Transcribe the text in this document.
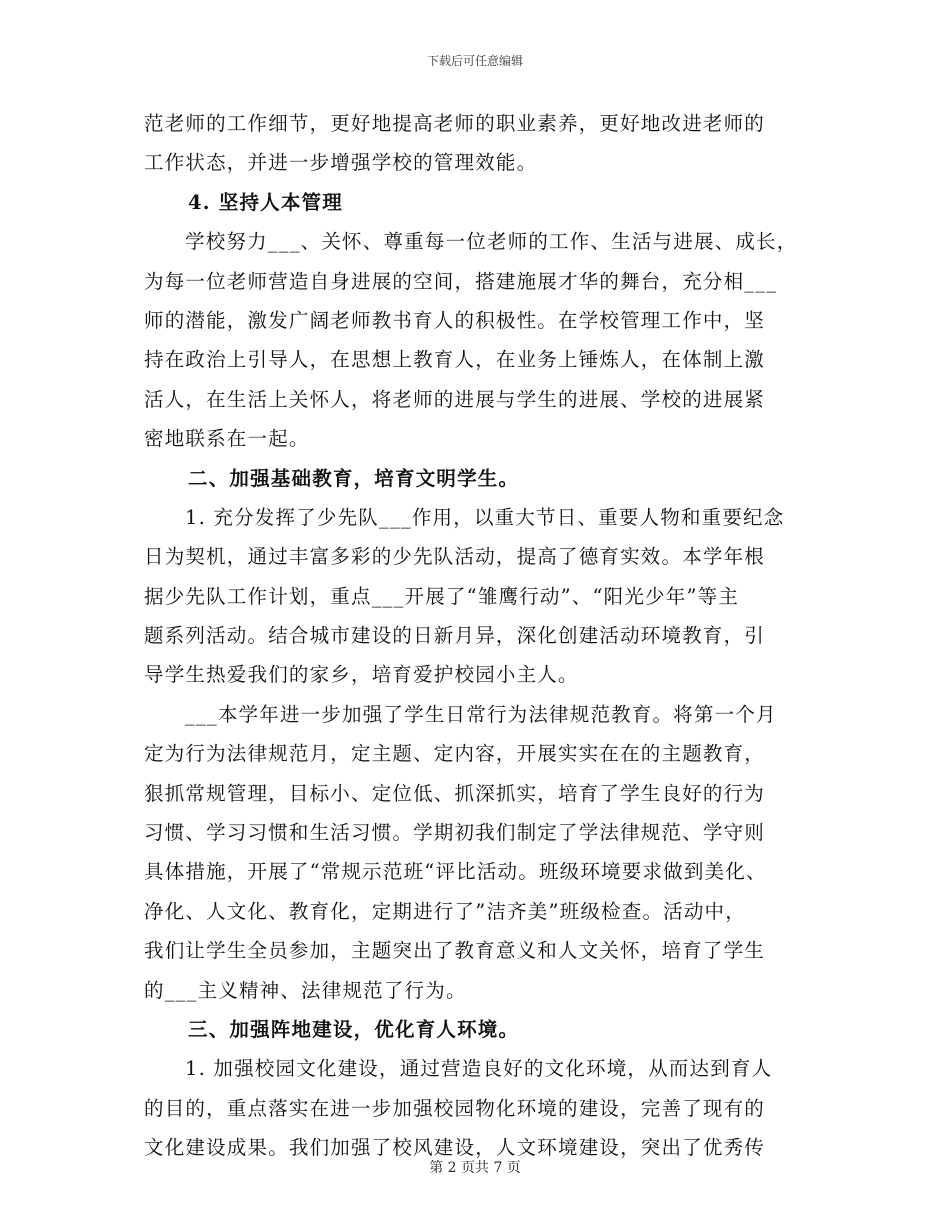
下载后可任意编辑
范老师的工作细节，更好地提高老师的职业素养，更好地改进老师的
工作状态，并进一步增强学校的管理效能。
4. 坚持人本管理
学校努力___、关怀、尊重每一位老师的工作、生活与进展、成长，
为每一位老师营造自身进展的空间，搭建施展才华的舞台，充分相___
师的潜能，激发广阔老师教书育人的积极性。在学校管理工作中，坚
持在政治上引导人，在思想上教育人，在业务上锤炼人，在体制上激
活人，在生活上关怀人，将老师的进展与学生的进展、学校的进展紧
密地联系在一起。
二、加强基础教育，培育文明学生。
1. 充分发挥了少先队___作用，以重大节日、重要人物和重要纪念
日为契机，通过丰富多彩的少先队活动，提高了德育实效。本学年根
据少先队工作计划，重点___开展了“雏鹰行动”、“阳光少年”等主
题系列活动。结合城市建设的日新月异，深化创建活动环境教育，引
导学生热爱我们的家乡，培育爱护校园小主人。
___本学年进一步加强了学生日常行为法律规范教育。将第一个月
定为行为法律规范月，定主题、定内容，开展实实在在的主题教育，
狠抓常规管理，目标小、定位低、抓深抓实，培育了学生良好的行为
习惯、学习习惯和生活习惯。学期初我们制定了学法律规范、学守则
具体措施，开展了“常规示范班“评比活动。班级环境要求做到美化、
净化、人文化、教育化，定期进行了”洁齐美”班级检查。活动中，
我们让学生全员参加，主题突出了教育意义和人文关怀，培育了学生
的___主义精神、法律规范了行为。
三、加强阵地建设，优化育人环境。
1. 加强校园文化建设，通过营造良好的文化环境，从而达到育人
的目的，重点落实在进一步加强校园物化环境的建设，完善了现有的
文化建设成果。我们加强了校风建设，人文环境建设，突出了优秀传
第 2 页共 7 页
